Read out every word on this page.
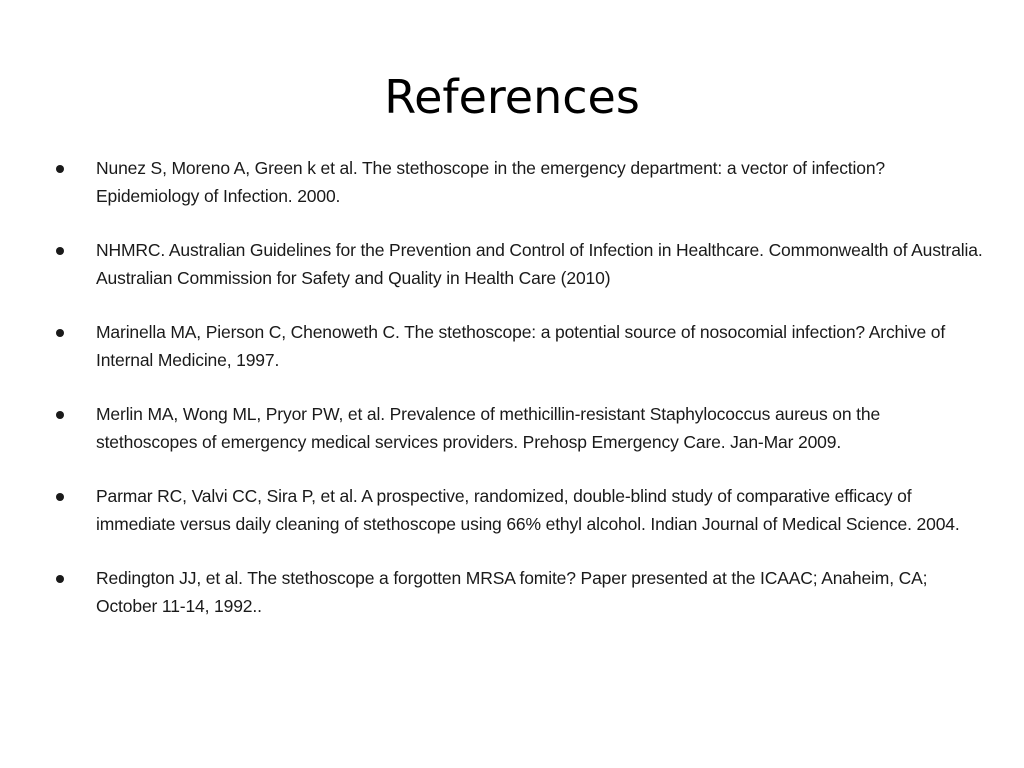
References
Nunez S, Moreno A, Green k et al. The stethoscope in the emergency department: a vector of infection? Epidemiology of Infection. 2000.
NHMRC. Australian Guidelines for the Prevention and Control of Infection in Healthcare. Commonwealth of Australia. Australian Commission for Safety and Quality in Health Care (2010)
Marinella MA, Pierson C, Chenoweth C. The stethoscope: a potential source of nosocomial infection? Archive of Internal Medicine, 1997.
Merlin MA, Wong ML, Pryor PW, et al. Prevalence of methicillin-resistant Staphylococcus aureus on the stethoscopes of emergency medical services providers. Prehosp Emergency Care. Jan-Mar 2009.
Parmar RC, Valvi CC, Sira P, et al. A prospective, randomized, double-blind study of comparative efficacy of immediate versus daily cleaning of stethoscope using 66% ethyl alcohol. Indian Journal of Medical Science. 2004.
Redington JJ, et al. The stethoscope a forgotten MRSA fomite? Paper presented at the ICAAC; Anaheim, CA; October 11-14, 1992..
